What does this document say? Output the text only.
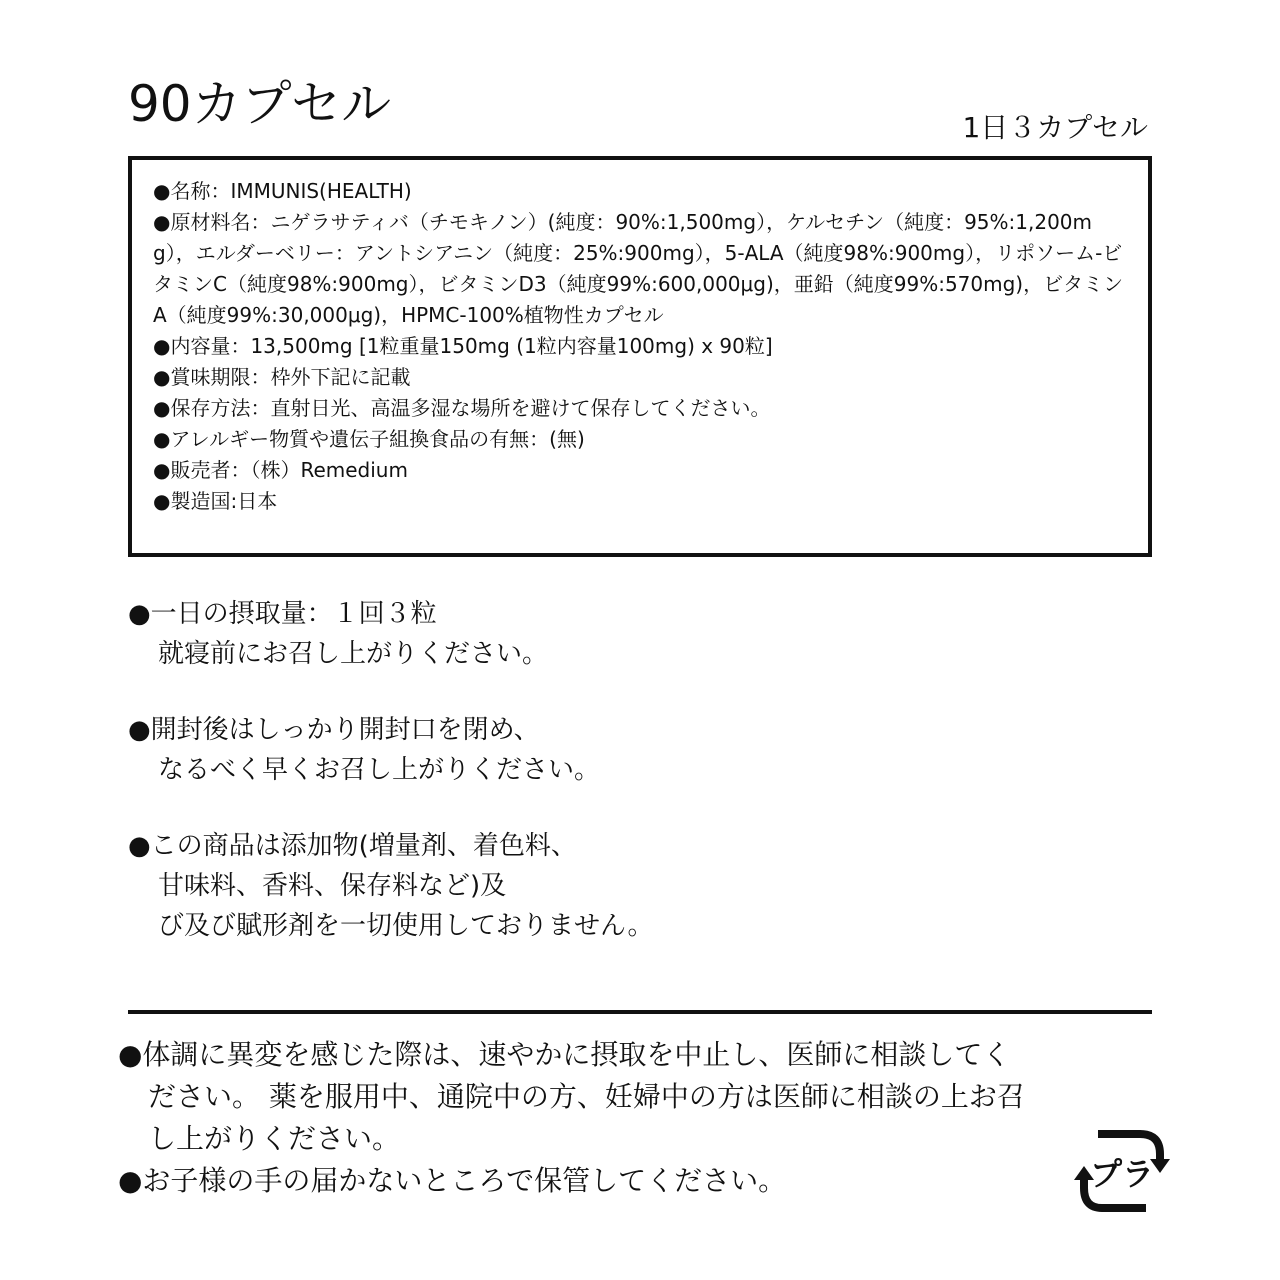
90カプセル	1日３カプセル
●名称：IMMUNIS(HEALTH)
●原材料名：ニゲラサティバ（チモキノン）(純度：90%:1,500mg），ケルセチン（純度：95%:1,200mg），エルダーベリー：アントシアニン（純度：25%:900mg），5-ALA（純度98%:900mg），リポソーム-ビタミンC（純度98%:900mg），ビタミンD3（純度99%:600,000μg)，亜鉛（純度99%:570mg)，ビタミンA（純度99%:30,000μg)，HPMC-100%植物性カプセル
●内容量：13,500mg [1粒重量150mg (1粒内容量100mg) x 90粒]
●賞味期限：枠外下記に記載
●保存方法：直射日光、高温多湿な場所を避けて保存してください。
●アレルギー物質や遺伝子組換食品の有無：(無)
●販売者：（株）Remedium
●製造国:日本
●一日の摂取量：１回３粒
就寝前にお召し上がりください。
●開封後はしっかり開封口を閉め、
なるべく早くお召し上がりください。
●この商品は添加物(増量剤、着色料、
甘味料、香料、保存料など)及
び及び賦形剤を一切使用しておりません。
●体調に異変を感じた際は、速やかに摂取を中止し、医師に相談してく
ださい。 薬を服用中、通院中の方、妊婦中の方は医師に相談の上お召
し上がりください。
●お子様の手の届かないところで保管してください。	プラ
